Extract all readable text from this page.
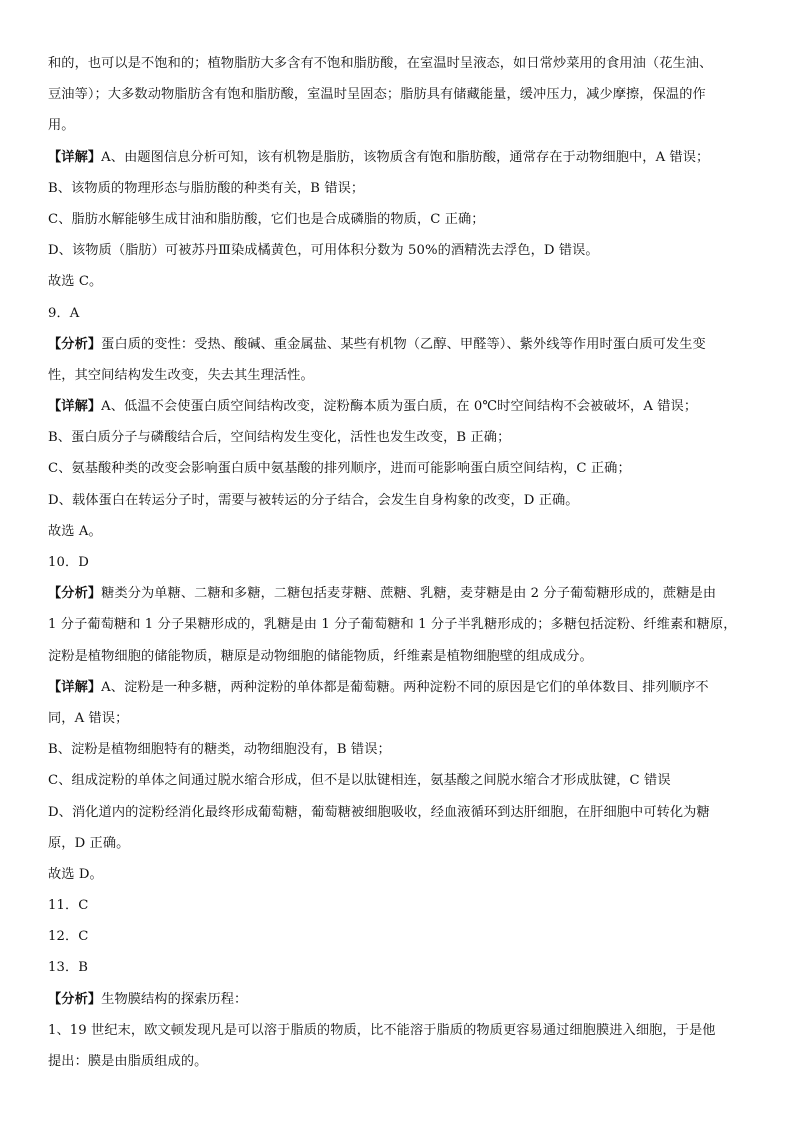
和的，也可以是不饱和的；植物脂肪大多含有不饱和脂肪酸，在室温时呈液态，如日常炒菜用的食用油（花生油、
豆油等）；大多数动物脂肪含有饱和脂肪酸，室温时呈固态；脂肪具有储藏能量，缓冲压力，减少摩擦，保温的作
用。
【详解】A、由题图信息分析可知，该有机物是脂肪，该物质含有饱和脂肪酸，通常存在于动物细胞中，A 错误；
B、该物质的物理形态与脂肪酸的种类有关，B 错误；
C、脂肪水解能够生成甘油和脂肪酸，它们也是合成磷脂的物质，C 正确；
D、该物质（脂肪）可被苏丹Ⅲ染成橘黄色，可用体积分数为 50%的酒精洗去浮色，D 错误。
故选 C。
9．A
【分析】蛋白质的变性：受热、酸碱、重金属盐、某些有机物（乙醇、甲醛等）、紫外线等作用时蛋白质可发生变
性，其空间结构发生改变，失去其生理活性。
【详解】A、低温不会使蛋白质空间结构改变，淀粉酶本质为蛋白质，在 0℃时空间结构不会被破坏，A 错误；
B、蛋白质分子与磷酸结合后，空间结构发生变化，活性也发生改变，B 正确；
C、氨基酸种类的改变会影响蛋白质中氨基酸的排列顺序，进而可能影响蛋白质空间结构，C 正确；
D、载体蛋白在转运分子时，需要与被转运的分子结合，会发生自身构象的改变，D 正确。
故选 A。
10．D
【分析】糖类分为单糖、二糖和多糖，二糖包括麦芽糖、蔗糖、乳糖，麦芽糖是由 2 分子葡萄糖形成的，蔗糖是由
1 分子葡萄糖和 1 分子果糖形成的，乳糖是由 1 分子葡萄糖和 1 分子半乳糖形成的；多糖包括淀粉、纤维素和糖原，
淀粉是植物细胞的储能物质，糖原是动物细胞的储能物质，纤维素是植物细胞壁的组成成分。
【详解】A、淀粉是一种多糖，两种淀粉的单体都是葡萄糖。两种淀粉不同的原因是它们的单体数目、排列顺序不
同，A 错误；
B、淀粉是植物细胞特有的糖类，动物细胞没有，B 错误；
C、组成淀粉的单体之间通过脱水缩合形成，但不是以肽键相连，氨基酸之间脱水缩合才形成肽键，C 错误
D、消化道内的淀粉经消化最终形成葡萄糖，葡萄糖被细胞吸收，经血液循环到达肝细胞，在肝细胞中可转化为糖
原，D 正确。
故选 D。
11．C
12．C
13．B
【分析】生物膜结构的探索历程：
1、19 世纪末，欧文顿发现凡是可以溶于脂质的物质，比不能溶于脂质的物质更容易通过细胞膜进入细胞，于是他
提出：膜是由脂质组成的。
